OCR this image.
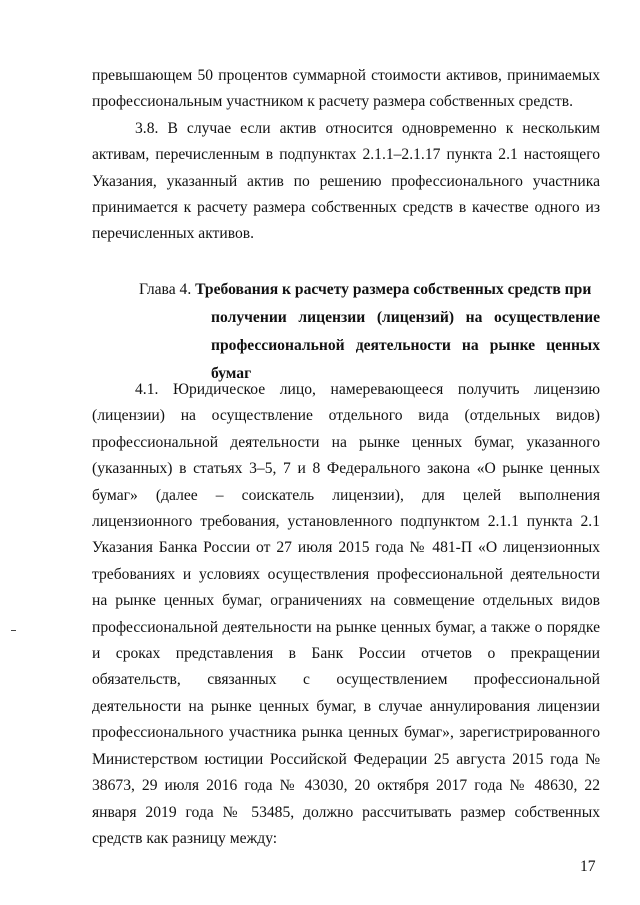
превышающем 50 процентов суммарной стоимости активов, принимаемых профессиональным участником к расчету размера собственных средств.
3.8. В случае если актив относится одновременно к нескольким активам, перечисленным в подпунктах 2.1.1–2.1.17 пункта 2.1 настоящего Указания, указанный актив по решению профессионального участника принимается к расчету размера собственных средств в качестве одного из перечисленных активов.
Глава 4. Требования к расчету размера собственных средств при
получении лицензии (лицензий) на осуществление профессиональной деятельности на рынке ценных бумаг
4.1. Юридическое лицо, намеревающееся получить лицензию (лицензии) на осуществление отдельного вида (отдельных видов) профессиональной деятельности на рынке ценных бумаг, указанного (указанных) в статьях 3–5, 7 и 8 Федерального закона «О рынке ценных бумаг» (далее – соискатель лицензии), для целей выполнения лицензионного требования, установленного подпунктом 2.1.1 пункта 2.1 Указания Банка России от 27 июля 2015 года № 481-П «О лицензионных требованиях и условиях осуществления профессиональной деятельности на рынке ценных бумаг, ограничениях на совмещение отдельных видов профессиональной деятельности на рынке ценных бумаг, а также о порядке и сроках представления в Банк России отчетов о прекращении обязательств, связанных с осуществлением профессиональной деятельности на рынке ценных бумаг, в случае аннулирования лицензии профессионального участника рынка ценных бумаг», зарегистрированного Министерством юстиции Российской Федерации 25 августа 2015 года № 38673, 29 июля 2016 года № 43030, 20 октября 2017 года № 48630, 22 января 2019 года № 53485, должно рассчитывать размер собственных средств как разницу между:
17
